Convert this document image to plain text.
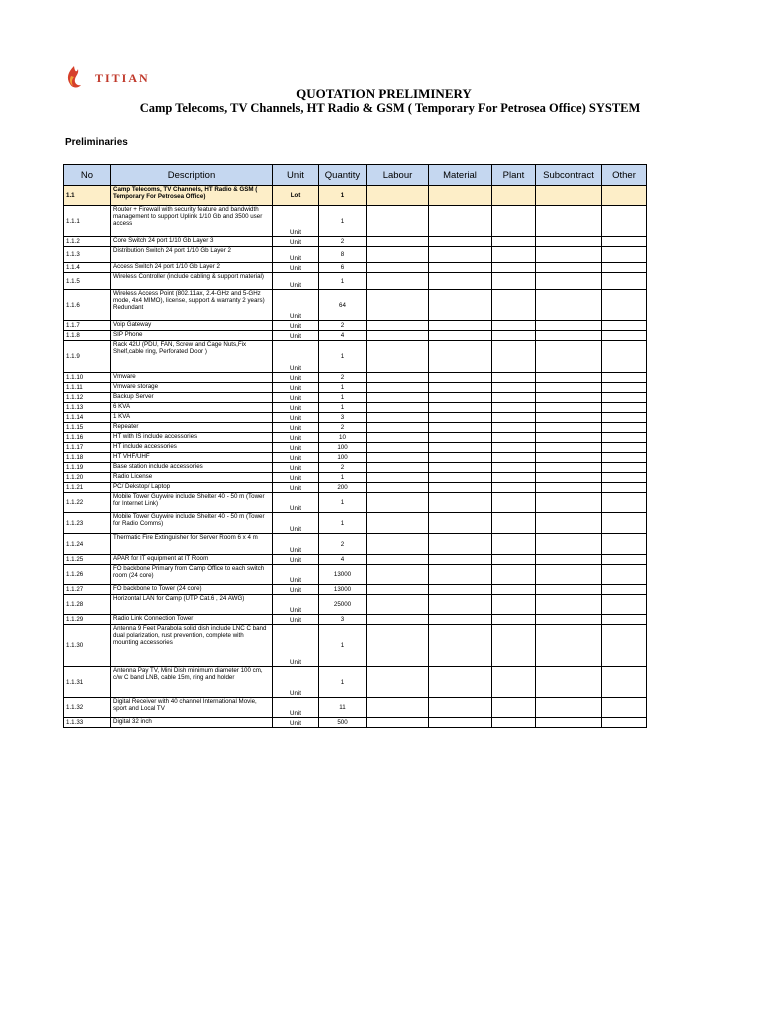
TITIAN
QUOTATION PRELIMINERY
Camp Telecoms, TV Channels, HT Radio & GSM ( Temporary For Petrosea Office) SYSTEM
Preliminaries
No	Description	Unit	Quantity	Labour	Material	Plant	Subcontract	Other
1.1	Camp Telecoms, TV Channels, HT Radio & GSM ( Temporary For Petrosea Office)	Lot	1					
1.1.1	Router + Firewall with security feature and bandwidth management to support Uplink 1/10 Gb and 3500 user access	Unit	1					
1.1.2	Core Switch 24 port 1/10 Gb Layer 3	Unit	2					
1.1.3	Distribution Switch 24 port 1/10 Gb Layer 2	Unit	8					
1.1.4	Access Switch 24 port 1/10 Gb Layer 2	Unit	6					
1.1.5	Wireless Controller (include cabling & support material)	Unit	1					
1.1.6	Wireless Access Point (802.11ax, 2.4-GHz and 5-GHz mode, 4x4 MIMO), license, support & warranty 2 years) Redundant	Unit	64					
1.1.7	Voip Gateway	Unit	2					
1.1.8	SIP Phone	Unit	4					
1.1.9	Rack 42U (PDU, FAN, Screw and Cage Nuts,Fix Shelf,cable ring, Perforated Door )	Unit	1					
1.1.10	Vmware	Unit	2					
1.1.11	Vmware storage	Unit	1					
1.1.12	Backup Server	Unit	1					
1.1.13	6 KVA	Unit	1					
1.1.14	1 KVA	Unit	3					
1.1.15	Repeater	Unit	2					
1.1.16	HT with IS include accessories	Unit	10					
1.1.17	HT include accessories	Unit	100					
1.1.18	HT VHF/UHF	Unit	100					
1.1.19	Base station include accessories	Unit	2					
1.1.20	Radio License	Unit	1					
1.1.21	PC/ Dekstop/ Laptop	Unit	200					
1.1.22	Mobile Tower Guywire include Shelter 40 - 50 m (Tower for Internet Link)	Unit	1					
1.1.23	Mobile Tower Guywire include Shelter 40 - 50 m (Tower for Radio Comms)	Unit	1					
1.1.24	Thermatic Fire Extinguisher for Server Room 6 x 4 m	Unit	2					
1.1.25	APAR for IT equipment at IT Room	Unit	4					
1.1.26	FO backbone Primary from Camp Office to each switch room (24 core)	Unit	13000					
1.1.27	FO backbone to Tower (24 core)	Unit	13000					
1.1.28	Horizontal LAN for Camp (UTP Cat.6 , 24 AWG)	Unit	25000					
1.1.29	Radio Link Connection Tower	Unit	3					
1.1.30	Antenna 9 Feet Parabola solid dish include LNC C band dual polarization, rust prevention, complete with mounting accessories	Unit	1					
1.1.31	Antenna Pay TV, Mini Dish minimum diameter 100 cm, c/w C band LNB, cable 15m, ring and holder	Unit	1					
1.1.32	Digital Receiver with 40 channel International Movie, sport and Local TV	Unit	11					
1.1.33	Digital 32 inch	Unit	500					
